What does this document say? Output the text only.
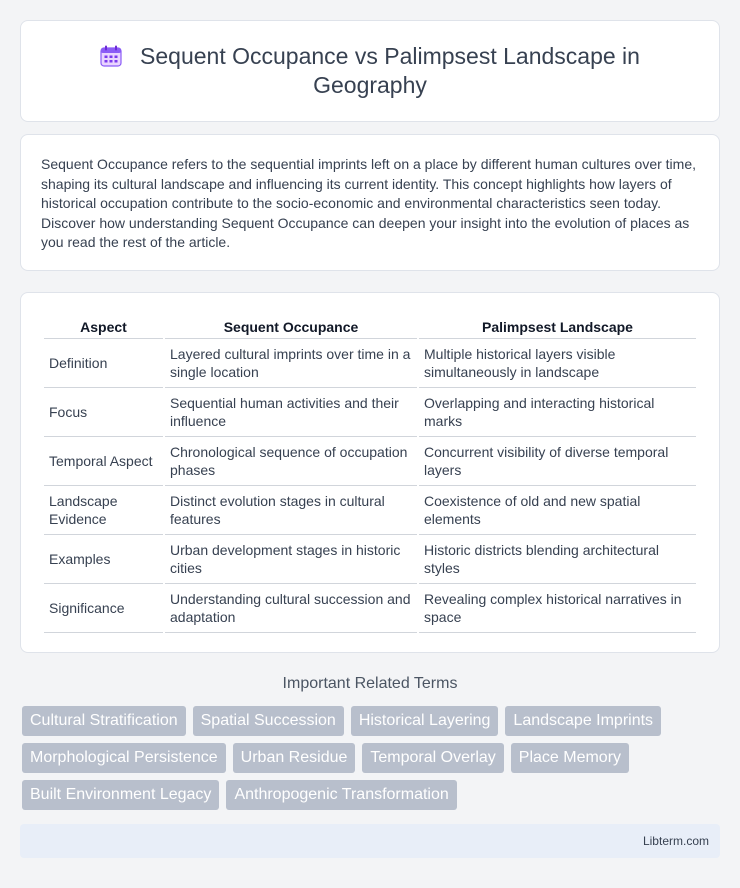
Sequent Occupance vs Palimpsest Landscape in Geography

Sequent Occupance refers to the sequential imprints left on a place by different human cultures over time, shaping its cultural landscape and influencing its current identity. This concept highlights how layers of historical occupation contribute to the socio-economic and environmental characteristics seen today. Discover how understanding Sequent Occupance can deepen your insight into the evolution of places as you read the rest of the article.

Aspect	Sequent Occupance	Palimpsest Landscape
Definition	Layered cultural imprints over time in a single location	Multiple historical layers visible simultaneously in landscape
Focus	Sequential human activities and their influence	Overlapping and interacting historical marks
Temporal Aspect	Chronological sequence of occupation phases	Concurrent visibility of diverse temporal layers
Landscape Evidence	Distinct evolution stages in cultural features	Coexistence of old and new spatial elements
Examples	Urban development stages in historic cities	Historic districts blending architectural styles
Significance	Understanding cultural succession and adaptation	Revealing complex historical narratives in space
Important Related Terms
Cultural Stratification	Spatial Succession	Historical Layering	Landscape Imprints
Morphological Persistence	Urban Residue	Temporal Overlay	Place Memory
Built Environment Legacy	Anthropogenic Transformation
Libterm.com
